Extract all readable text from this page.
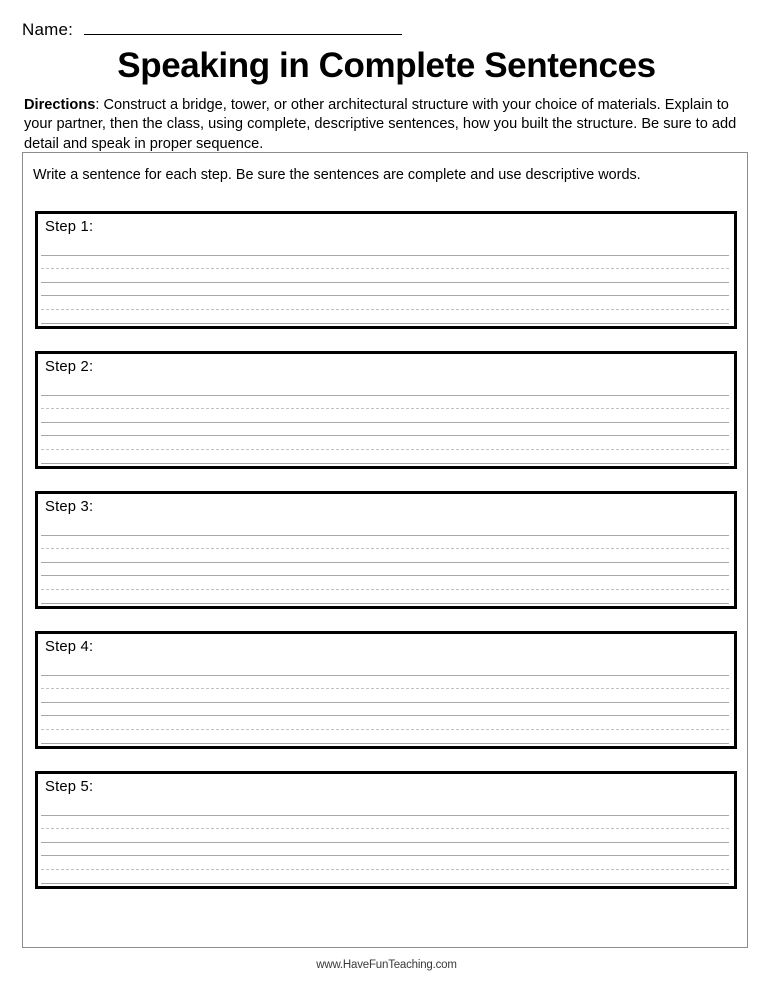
Name:
Speaking in Complete Sentences
Directions: Construct a bridge, tower, or other architectural structure with your choice of materials. Explain to your partner, then the class, using complete, descriptive sentences, how you built the structure. Be sure to add detail and speak in proper sequence.
Write a sentence for each step. Be sure the sentences are complete and use descriptive words.
Step 1:
Step 2:
Step 3:
Step 4:
Step 5:
www.HaveFunTeaching.com
